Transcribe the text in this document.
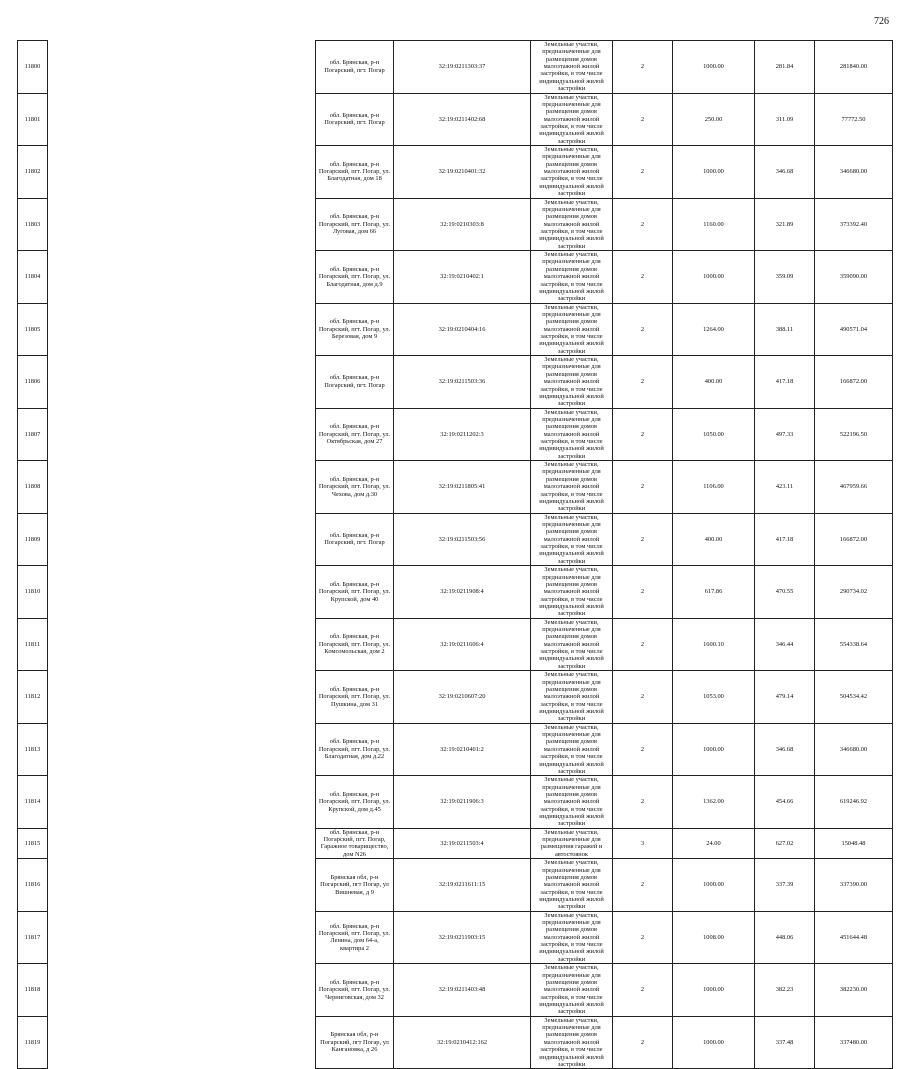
726
11800		обл. Брянская, р-н Погарский, пгт. Погар	32:19:0211303:37	Земельные участки, предназначенные для размещения домов малоэтажной жилой застройки, в том числе индивидуальной жилой застройки	2	1000.00	281.84	281840.00
11801		обл. Брянская, р-н Погарский, пгт. Погар	32:19:0211402:68	Земельные участки, предназначенные для размещения домов малоэтажной жилой застройки, в том числе индивидуальной жилой застройки	2	250.00	311.09	77772.50
11802		обл. Брянская, р-н Погарский, пгт. Погар, ул. Благодатная, дом 18	32:19:0210401:32	Земельные участки, предназначенные для размещения домов малоэтажной жилой застройки, в том числе индивидуальной жилой застройки	2	1000.00	346.68	346680.00
11803		обл. Брянская, р-н Погарский, пгт. Погар, ул. Луговая, дом 66	32:19:0210303:8	Земельные участки, предназначенные для размещения домов малоэтажной жилой застройки, в том числе индивидуальной жилой застройки	2	1160.00	321.89	373392.40
11804		обл. Брянская, р-н Погарский, пгт. Погар, ул. Благодатная, дом д.9	32:19:0210402:1	Земельные участки, предназначенные для размещения домов малоэтажной жилой застройки, в том числе индивидуальной жилой застройки	2	1000.00	359.09	359090.00
11805		обл. Брянская, р-н Погарский, пгт. Погар, ул. Березовая, дом 9	32:19:0210404:16	Земельные участки, предназначенные для размещения домов малоэтажной жилой застройки, в том числе индивидуальной жилой застройки	2	1264.00	388.11	490571.04
11806		обл. Брянская, р-н Погарский, пгт. Погар	32:19:0211503:36	Земельные участки, предназначенные для размещения домов малоэтажной жилой застройки, в том числе индивидуальной жилой застройки	2	400.00	417.18	166872.00
11807		обл. Брянская, р-н Погарский, пгт. Погар, ул. Октябрьская, дом 27	32:19:0211202:3	Земельные участки, предназначенные для размещения домов малоэтажной жилой застройки, в том числе индивидуальной жилой застройки	2	1050.00	497.33	522196.50
11808		обл. Брянская, р-н Погарский, пгт. Погар, ул. Чехова, дом д.30	32:19:0211805:41	Земельные участки, предназначенные для размещения домов малоэтажной жилой застройки, в том числе индивидуальной жилой застройки	2	1106.00	423.11	467959.66
11809		обл. Брянская, р-н Погарский, пгт. Погар	32:19:0211503:56	Земельные участки, предназначенные для размещения домов малоэтажной жилой застройки, в том числе индивидуальной жилой застройки	2	400.00	417.18	166872.00
11810		обл. Брянская, р-н Погарский, пгт. Погар, ул. Крупской, дом 40	32:19:0211908:4	Земельные участки, предназначенные для размещения домов малоэтажной жилой застройки, в том числе индивидуальной жилой застройки	2	617.86	470.55	290734.02
11811		обл. Брянская, р-н Погарский, пгт. Погар, ул. Комсомольская, дом 2	32:19:0211606:4	Земельные участки, предназначенные для размещения домов малоэтажной жилой застройки, в том числе индивидуальной жилой застройки	2	1600.10	346.44	554338.64
11812		обл. Брянская, р-н Погарский, пгт. Погар, ул. Пушкина, дом 31	32:19:0210607:20	Земельные участки, предназначенные для размещения домов малоэтажной жилой застройки, в том числе индивидуальной жилой застройки	2	1053.00	479.14	504534.42
11813		обл. Брянская, р-н Погарский, пгт. Погар, ул. Благодатная, дом д.22	32:19:0210401:2	Земельные участки, предназначенные для размещения домов малоэтажной жилой застройки, в том числе индивидуальной жилой застройки	2	1000.00	346.68	346680.00
11814		обл. Брянская, р-н Погарский, пгт. Погар, ул. Крупской, дом д.45	32:19:0211906:3	Земельные участки, предназначенные для размещения домов малоэтажной жилой застройки, в том числе индивидуальной жилой застройки	2	1362.00	454.66	619246.92
11815		обл. Брянская, р-н Погарский, пгт. Погар, Гаражное товарищество, дом N26	32:19:0211503:4	Земельные участки, предназначенные для размещения гаражей и автостоянок	3	24.00	627.02	15048.48
11816		Брянская обл, р-н Погарский, пгт Погар, ул Вишневая, д 9	32:19:0211611:15	Земельные участки, предназначенные для размещения домов малоэтажной жилой застройки, в том числе индивидуальной жилой застройки	2	1000.00	337.39	337390.00
11817		обл. Брянская, р-н Погарский, пгт. Погар, ул. Ленина, дом 64-а, квартира 2	32:19:0211903:15	Земельные участки, предназначенные для размещения домов малоэтажной жилой застройки, в том числе индивидуальной жилой застройки	2	1008.00	448.06	451644.48
11818		обл. Брянская, р-н Погарский, пгт. Погар, ул. Черниговская, дом 32	32:19:0211403:48	Земельные участки, предназначенные для размещения домов малоэтажной жилой застройки, в том числе индивидуальной жилой застройки	2	1000.00	382.23	382230.00
11819		Брянская обл, р-н Погарский, пгт Погар, ул Кангановка, д 26	32:19:0210412:162	Земельные участки, предназначенные для размещения домов малоэтажной жилой застройки, в том числе индивидуальной жилой застройки	2	1000.00	337.48	337480.00
